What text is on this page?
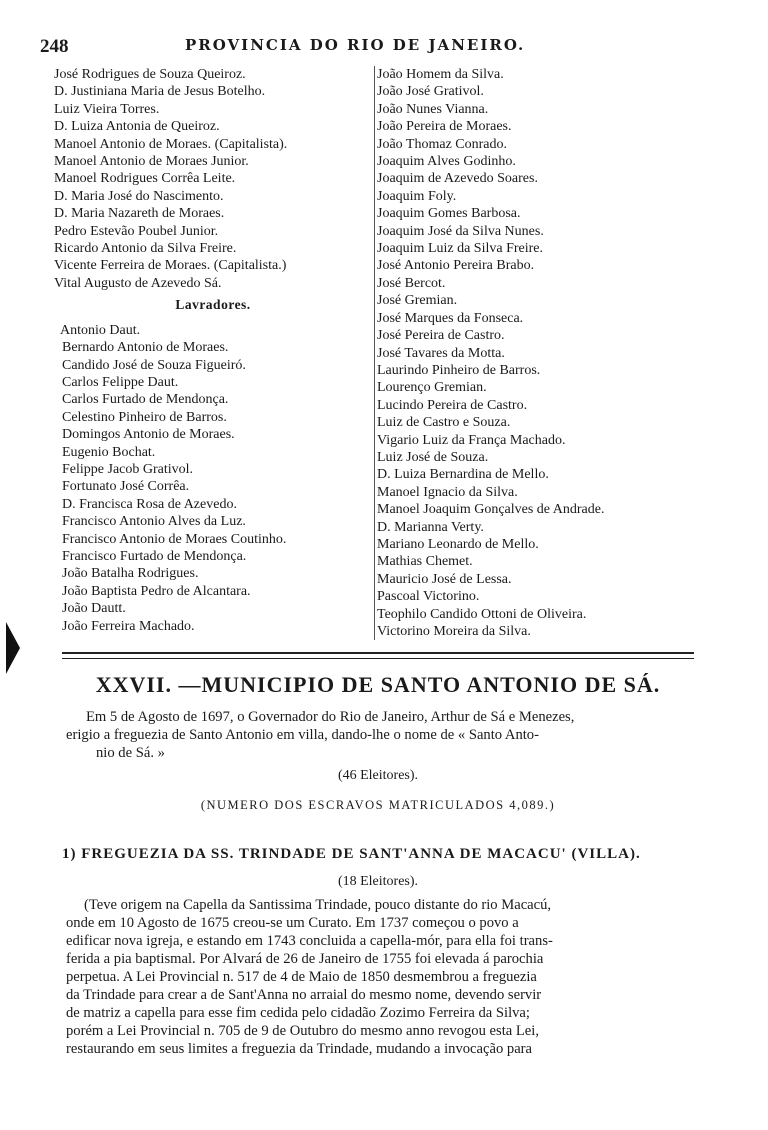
248	PROVINCIA DO RIO DE JANEIRO.
José Rodrigues de Souza Queiroz.
D. Justiniana Maria de Jesus Botelho.
Luiz Vieira Torres.
D. Luiza Antonia de Queiroz.
Manoel Antonio de Moraes. (Capitalista).
Manoel Antonio de Moraes Junior.
Manoel Rodrigues Corrêa Leite.
D. Maria José do Nascimento.
D. Maria Nazareth de Moraes.
Pedro Estevão Poubel Junior.
Ricardo Antonio da Silva Freire.
Vicente Ferreira de Moraes. (Capitalista.)
Vital Augusto de Azevedo Sá.
Lavradores.
Antonio Daut.
Bernardo Antonio de Moraes.
Candido José de Souza Figueiró.
Carlos Felippe Daut.
Carlos Furtado de Mendonça.
Celestino Pinheiro de Barros.
Domingos Antonio de Moraes.
Eugenio Bochat.
Felippe Jacob Grativol.
Fortunato José Corrêa.
D. Francisca Rosa de Azevedo.
Francisco Antonio Alves da Luz.
Francisco Antonio de Moraes Coutinho.
Francisco Furtado de Mendonça.
João Batalha Rodrigues.
João Baptista Pedro de Alcantara.
João Dautt.
João Ferreira Machado.
João Homem da Silva.
João José Grativol.
João Nunes Vianna.
João Pereira de Moraes.
João Thomaz Conrado.
Joaquim Alves Godinho.
Joaquim de Azevedo Soares.
Joaquim Foly.
Joaquim Gomes Barbosa.
Joaquim José da Silva Nunes.
Joaquim Luiz da Silva Freire.
José Antonio Pereira Brabo.
José Bercot.
José Gremian.
José Marques da Fonseca.
José Pereira de Castro.
José Tavares da Motta.
Laurindo Pinheiro de Barros.
Lourenço Gremian.
Lucindo Pereira de Castro.
Luiz de Castro e Souza.
Vigario Luiz da França Machado.
Luiz José de Souza.
D. Luiza Bernardina de Mello.
Manoel Ignacio da Silva.
Manoel Joaquim Gonçalves de Andrade.
D. Marianna Verty.
Mariano Leonardo de Mello.
Mathias Chemet.
Mauricio José de Lessa.
Pascoal Victorino.
Teophilo Candido Ottoni de Oliveira.
Victorino Moreira da Silva.
XXVII. —MUNICIPIO DE SANTO ANTONIO DE SÁ.
Em 5 de Agosto de 1697, o Governador do Rio de Janeiro, Arthur de Sá e Menezes,
erigio a freguezia de Santo Antonio em villa, dando-lhe o nome de « Santo Anto-
nio de Sá. »
(46 Eleitores).
(NUMERO DOS ESCRAVOS MATRICULADOS 4,089.)
1) FREGUEZIA DA SS. TRINDADE DE SANT'ANNA DE MACACU' (VILLA).
(18 Eleitores).
(Teve origem na Capella da Santissima Trindade, pouco distante do rio Macacú,
onde em 10 Agosto de 1675 creou-se um Curato. Em 1737 começou o povo a
edificar nova igreja, e estando em 1743 concluida a capella-mór, para ella foi trans-
ferida a pia baptismal. Por Alvará de 26 de Janeiro de 1755 foi elevada á parochia
perpetua. A Lei Provincial n. 517 de 4 de Maio de 1850 desmembrou a freguezia
da Trindade para crear a de Sant'Anna no arraial do mesmo nome, devendo servir
de matriz a capella para esse fim cedida pelo cidadão Zozimo Ferreira da Silva;
porém a Lei Provincial n. 705 de 9 de Outubro do mesmo anno revogou esta Lei,
restaurando em seus limites a freguezia da Trindade, mudando a invocação para
